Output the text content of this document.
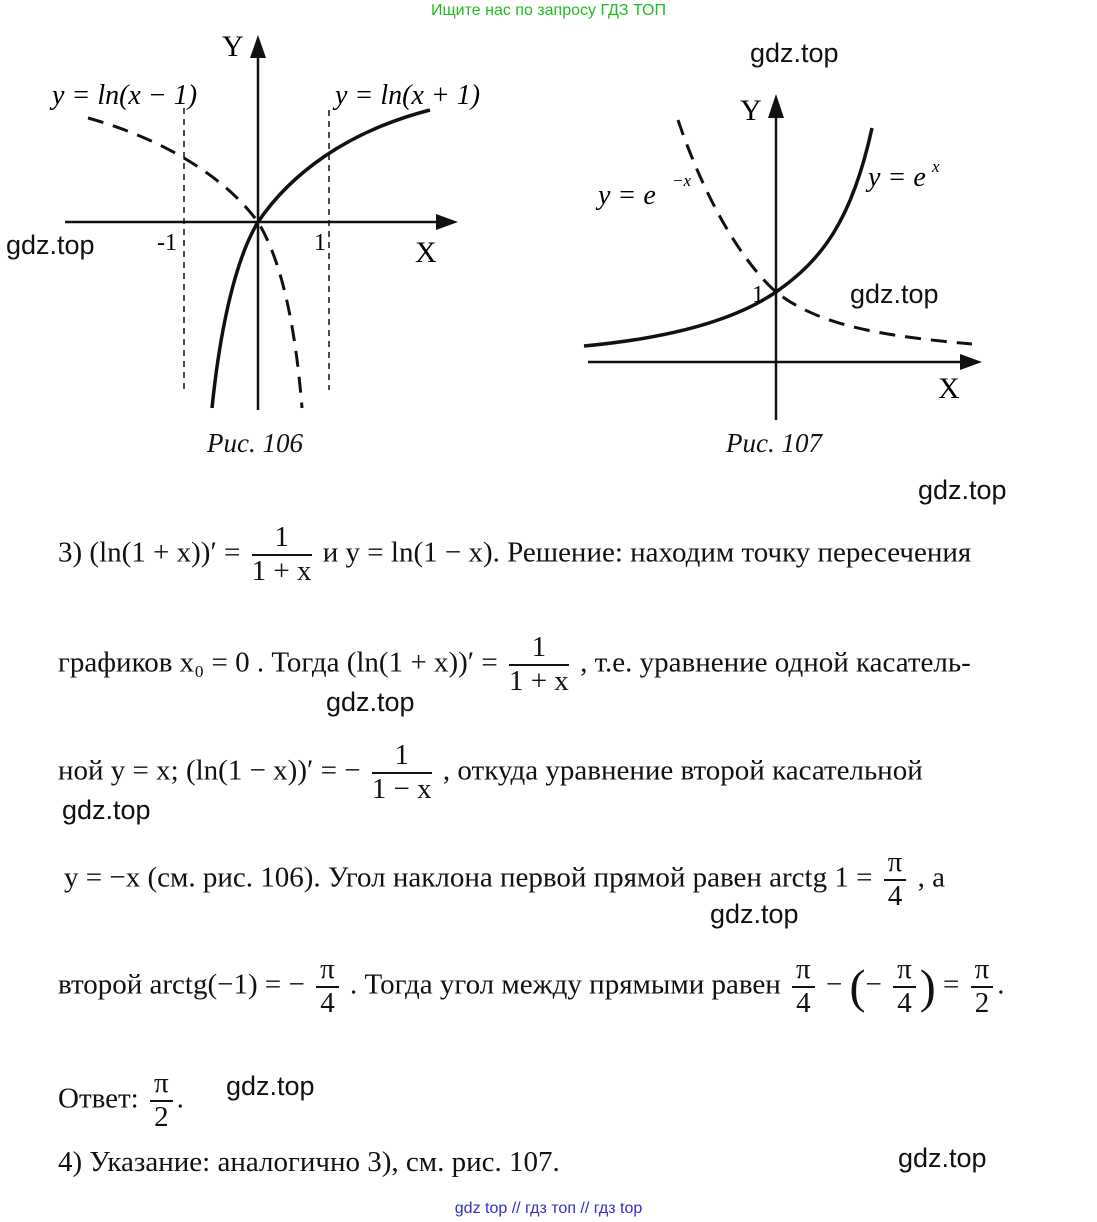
Ищите нас по запросу ГДЗ ТОП
Y
X
y = ln(x − 1)	y = ln(x + 1)
-1	1
Рис. 106
Y
X
y = e −x	y = e x
1
Рис. 107
gdz.top
gdz.top
gdz.top
gdz.top
gdz.top
gdz.top
gdz.top
gdz.top
gdz.top
3) $(\ln(1 + x))' = \frac{1}{1 + x}$ и y = ln(1 − x). Решение: находим точку пересечения
графиков x₀ = 0 . Тогда $(\ln(1 + x))' = \frac{1}{1 + x}$ , т.е. уравнение одной касатель-
ной y = x; (ln(1 − x))′ = − $\frac{1}{1 - x}$ , откуда уравнение второй касательной
y = −x (см. рис. 106). Угол наклона первой прямой равен arctg $1 = \frac{\pi}{4}$ , а
второй arctg(−1) = − $\frac{\pi}{4}$ . Тогда угол между прямыми равен $\frac{\pi}{4}$ − (− $\frac{\pi}{4}$ ) = $\frac{\pi}{2}$ .
Ответ: $\frac{\pi}{2}$ .
4) Указание: аналогично 3), см. рис. 107.
gdz top // гдз топ // гдз top
